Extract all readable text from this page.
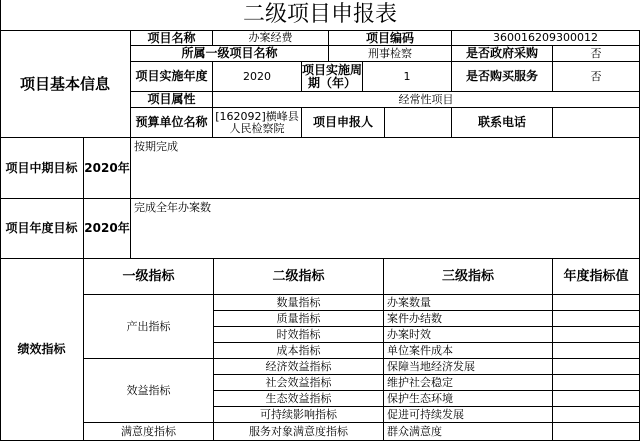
二级项目申报表
项目基本信息
项目名称	办案经费	项目编码	360016209300012
所属一级项目名称	刑事检察	是否政府采购	否
项目实施年度	2020	项目实施周期（年）	1	是否购买服务	否
项目属性	经常性项目
预算单位名称 [162092]横峰县人民检察院	项目申报人	联系电话
项目中期目标 2020年
按期完成
项目年度目标 2020年
完成全年办案数
绩效指标
一级指标	二级指标	三级指标	年度指标值
产出指标
数量指标	办案数量
质量指标	案件办结数
时效指标	办案时效
成本指标	单位案件成本
效益指标
经济效益指标	保障当地经济发展
社会效益指标	维护社会稳定
生态效益指标	保护生态环境
可持续影响指标	促进可持续发展
满意度指标	服务对象满意度指标	群众满意度
